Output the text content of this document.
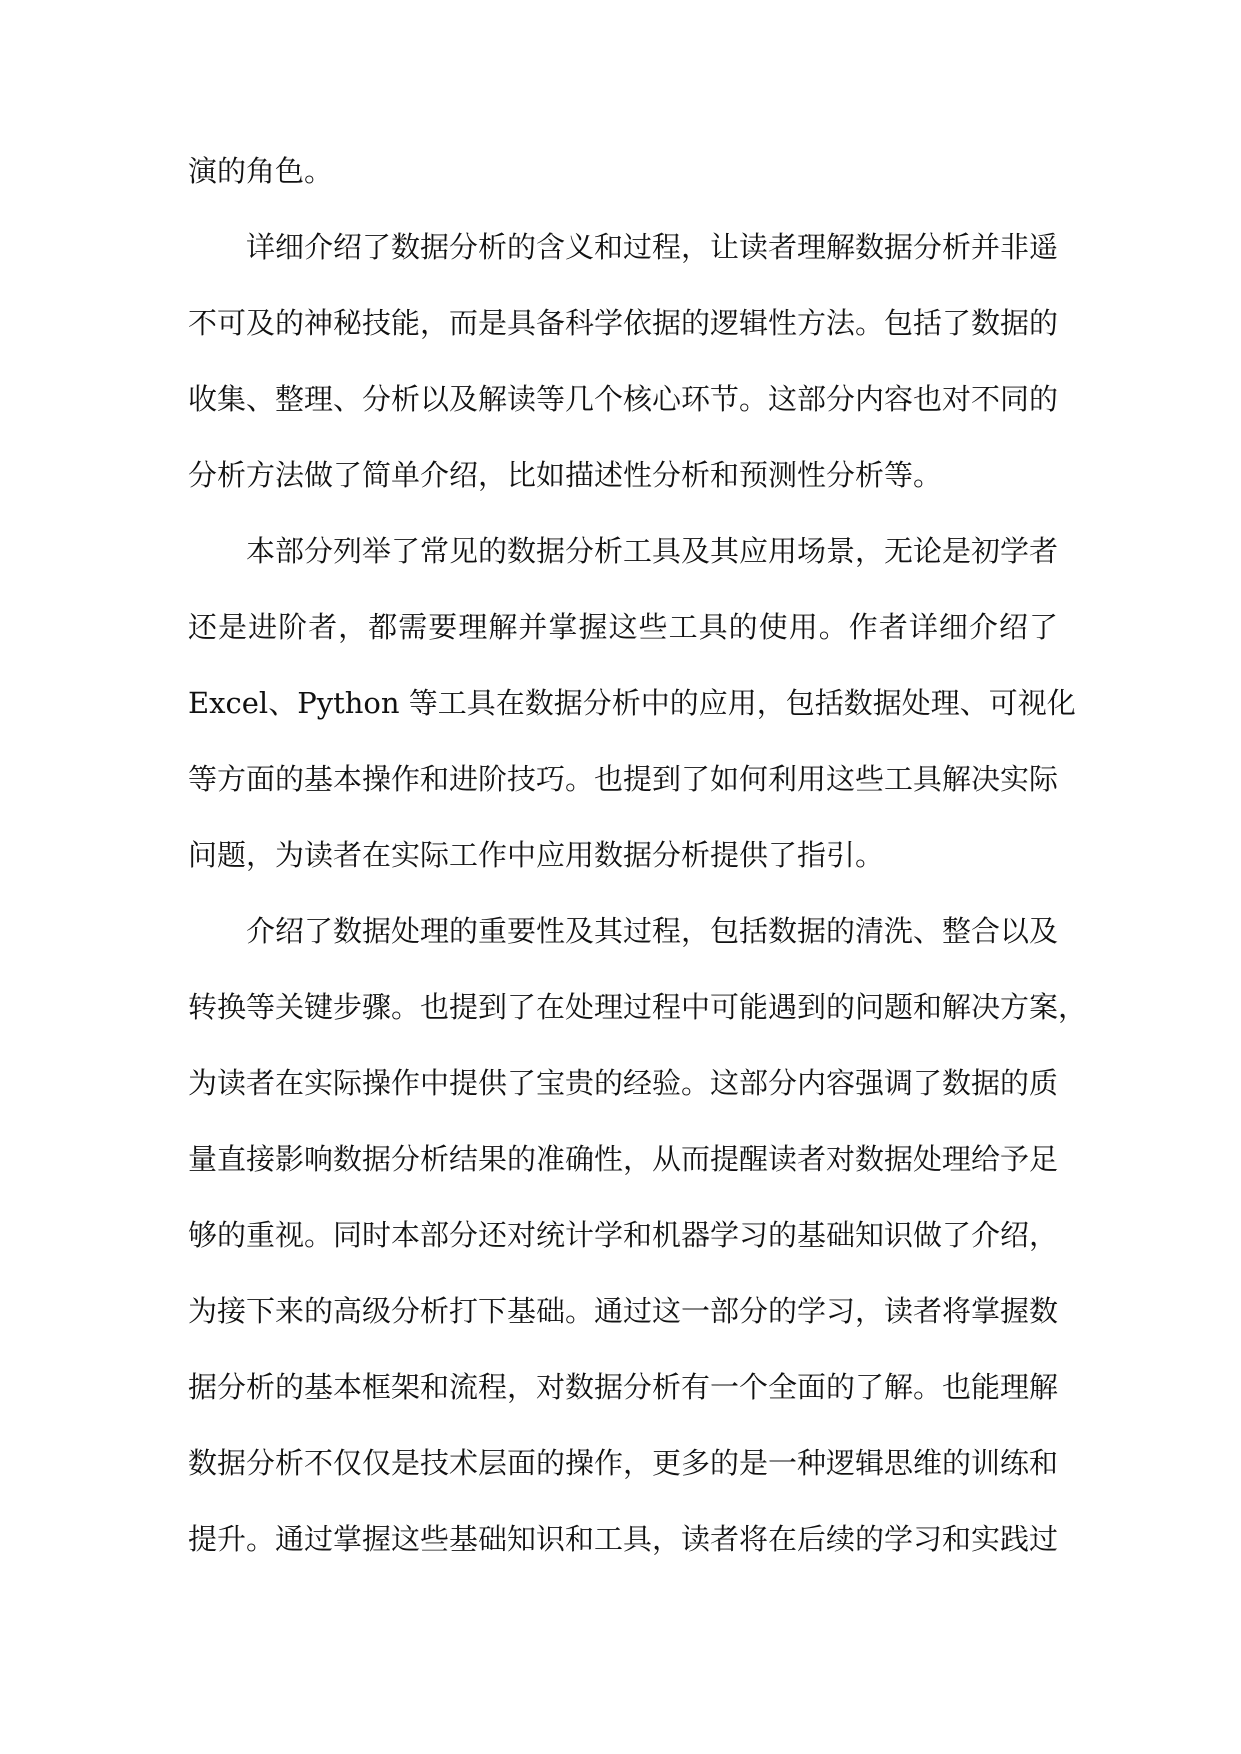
演的角色。
详细介绍了数据分析的含义和过程，让读者理解数据分析并非遥
不可及的神秘技能，而是具备科学依据的逻辑性方法。包括了数据的
收集、整理、分析以及解读等几个核心环节。这部分内容也对不同的
分析方法做了简单介绍，比如描述性分析和预测性分析等。
本部分列举了常见的数据分析工具及其应用场景，无论是初学者
还是进阶者，都需要理解并掌握这些工具的使用。作者详细介绍了
Excel、Python 等工具在数据分析中的应用，包括数据处理、可视化
等方面的基本操作和进阶技巧。也提到了如何利用这些工具解决实际
问题，为读者在实际工作中应用数据分析提供了指引。
介绍了数据处理的重要性及其过程，包括数据的清洗、整合以及
转换等关键步骤。也提到了在处理过程中可能遇到的问题和解决方案，
为读者在实际操作中提供了宝贵的经验。这部分内容强调了数据的质
量直接影响数据分析结果的准确性，从而提醒读者对数据处理给予足
够的重视。同时本部分还对统计学和机器学习的基础知识做了介绍，
为接下来的高级分析打下基础。通过这一部分的学习，读者将掌握数
据分析的基本框架和流程，对数据分析有一个全面的了解。也能理解
数据分析不仅仅是技术层面的操作，更多的是一种逻辑思维的训练和
提升。通过掌握这些基础知识和工具，读者将在后续的学习和实践过
